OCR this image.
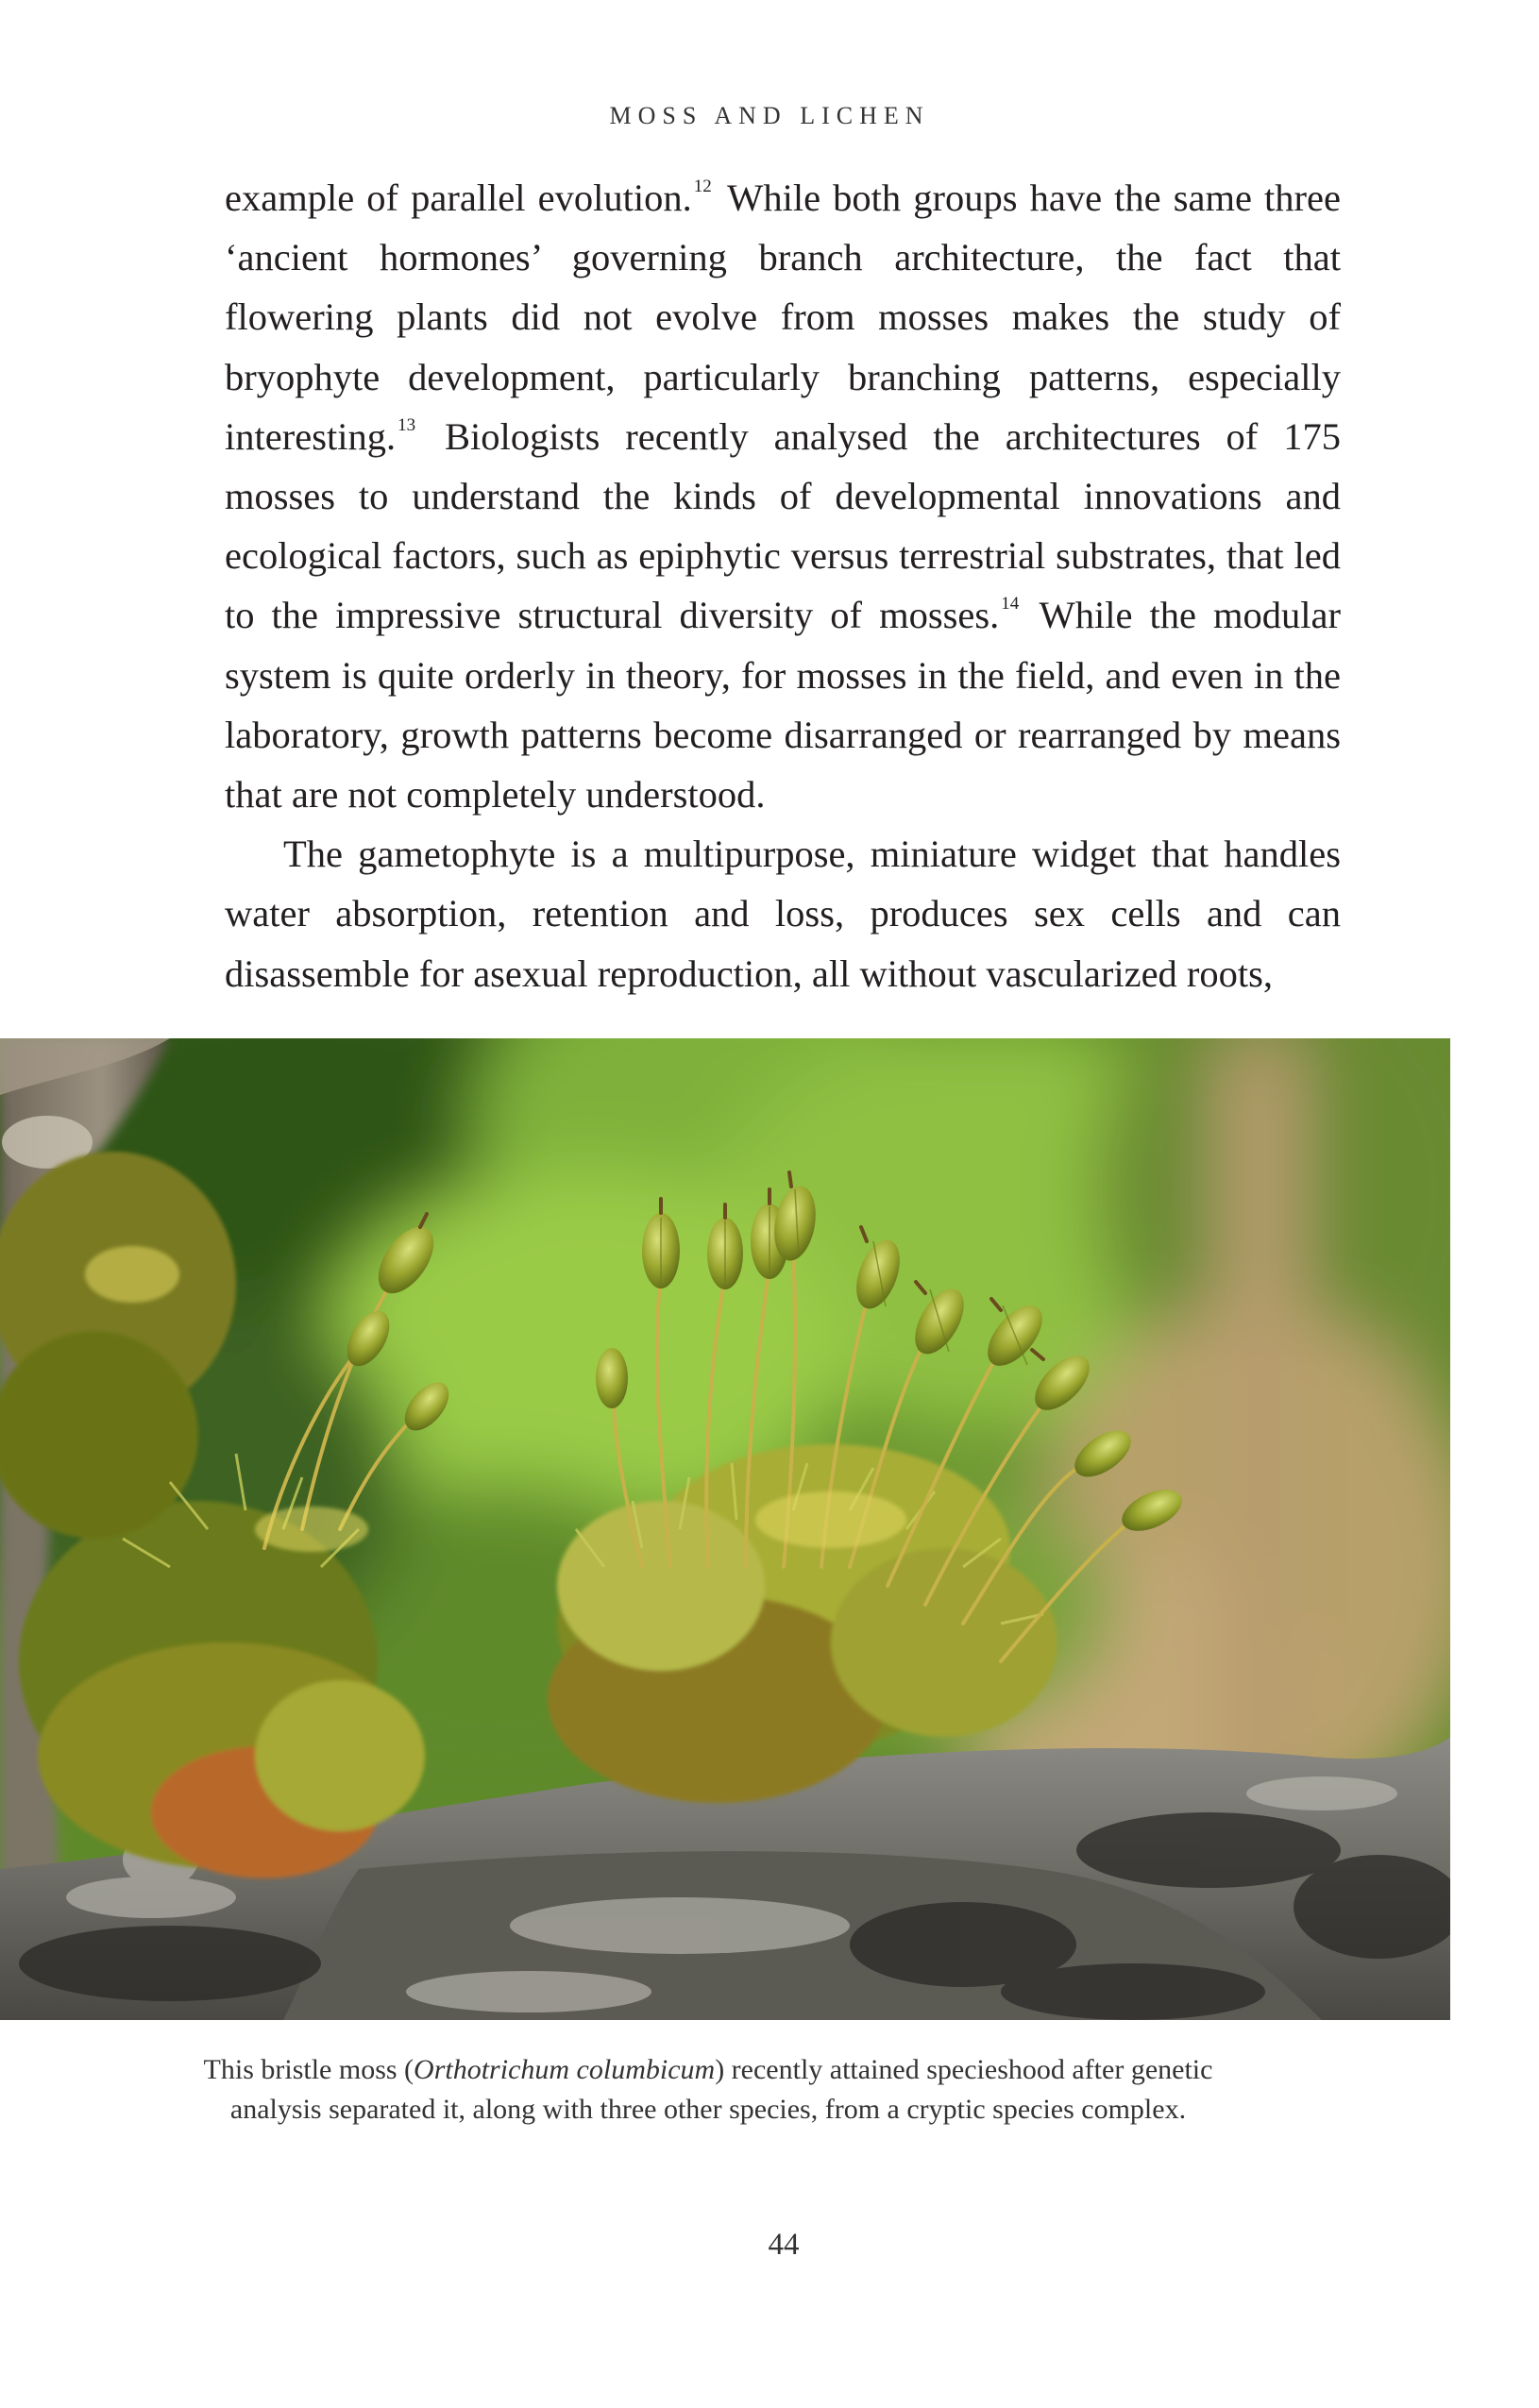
MOSS AND LICHEN

example of parallel evolution. $^{12}$ While both groups have the same three ‘ancient hormones’ governing branch architecture, the fact that flowering plants did not evolve from mosses makes the study of bryophyte development, particularly branching patterns, especially interesting. $^{13}$ Biologists recently analysed the architectures of 175 mosses to understand the kinds of developmental innovations and ecological factors, such as epiphytic versus terrestrial substrates, that led to the impressive structural diversity of mosses. $^{14}$ While the modular system is quite orderly in theory, for mosses in the field, and even in the laboratory, growth patterns become disarranged or rearranged by means that are not completely understood.

The gametophyte is a multipurpose, miniature widget that handles water absorption, retention and loss, produces sex cells and can disassemble for asexual reproduction, all without vascularized roots,

This bristle moss (Orthotrichum columbicum) recently attained specieshood after genetic analysis separated it, along with three other species, from a cryptic species complex.
44
